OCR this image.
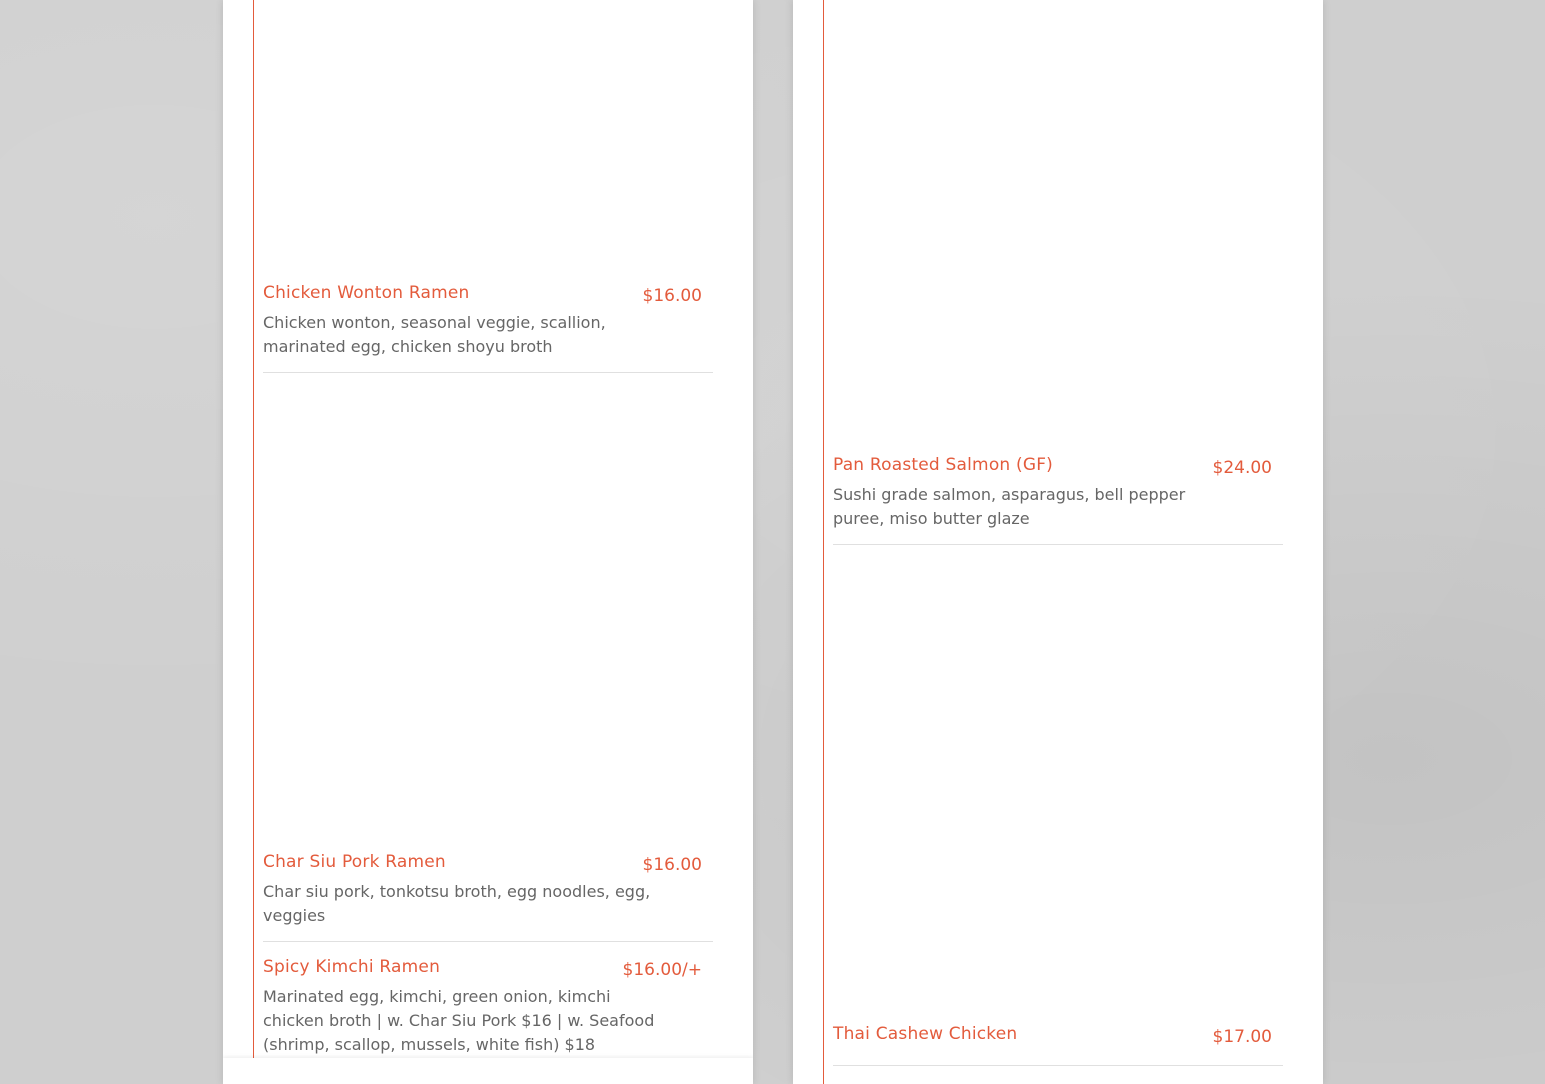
Chicken Wonton Ramen	$16.00
Chicken wonton, seasonal veggie, scallion, marinated egg, chicken shoyu broth
Char Siu Pork Ramen	$16.00
Char siu pork, tonkotsu broth, egg noodles, egg, veggies
Spicy Kimchi Ramen	$16.00/+
Marinated egg, kimchi, green onion, kimchi chicken broth | w. Char Siu Pork $16 | w. Seafood (shrimp, scallop, mussels, white fish) $18
Pan Roasted Salmon (GF)	$24.00
Sushi grade salmon, asparagus, bell pepper puree, miso butter glaze
Thai Cashew Chicken	$17.00
